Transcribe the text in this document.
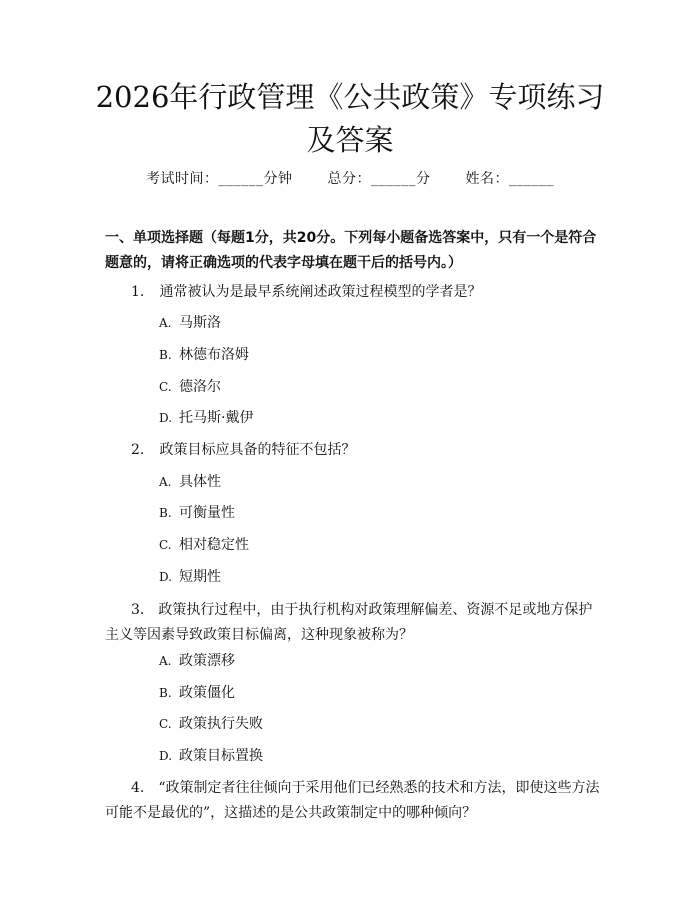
2026年行政管理《公共政策》专项练习及答案
考试时间：______分钟 总分：______分 姓名：______
一、单项选择题（每题1分，共20分。下列每小题备选答案中，只有一个是符合题意的，请将正确选项的代表字母填在题干后的括号内。）
1. 通常被认为是最早系统阐述政策过程模型的学者是？
A. 马斯洛
B. 林德布洛姆
C. 德洛尔
D. 托马斯·戴伊
2. 政策目标应具备的特征不包括？
A. 具体性
B. 可衡量性
C. 相对稳定性
D. 短期性
3.　政策执行过程中，由于执行机构对政策理解偏差、资源不足或地方保护主义等因素导致政策目标偏离，这种现象被称为？
A. 政策漂移
B. 政策僵化
C. 政策执行失败
D. 政策目标置换
4.　“政策制定者往往倾向于采用他们已经熟悉的技术和方法，即使这些方法可能不是最优的”，这描述的是公共政策制定中的哪种倾向？
